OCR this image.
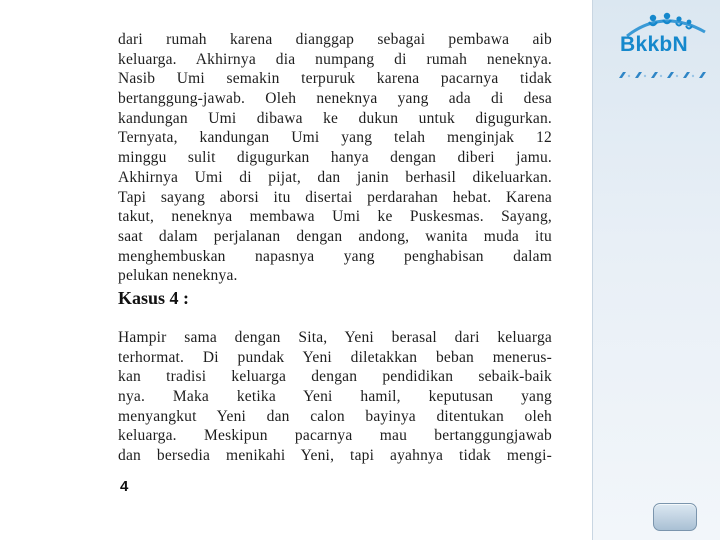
dari rumah karena dianggap sebagai pembawa aib
keluarga. Akhirnya dia numpang di rumah neneknya.
Nasib Umi semakin terpuruk karena pacarnya tidak
bertanggung-jawab. Oleh neneknya yang ada di desa
kandungan Umi dibawa ke dukun untuk digugurkan.
Ternyata, kandungan Umi yang telah menginjak 12
minggu sulit digugurkan hanya dengan diberi jamu.
Akhirnya Umi di pijat, dan janin berhasil dikeluarkan.
Tapi sayang aborsi itu disertai perdarahan hebat. Karena
takut, neneknya membawa Umi ke Puskesmas. Sayang,
saat dalam perjalanan dengan andong, wanita muda itu
menghembuskan napasnya yang penghabisan dalam
pelukan neneknya.
Kasus 4 :
Hampir sama dengan Sita, Yeni berasal dari keluarga
terhormat. Di pundak Yeni diletakkan beban menerus-
kan tradisi keluarga dengan pendidikan sebaik-baik
nya. Maka ketika Yeni hamil, keputusan yang
menyangkut Yeni dan calon bayinya ditentukan oleh
keluarga. Meskipun pacarnya mau bertanggungjawab
dan bersedia menikahi Yeni, tapi ayahnya tidak mengi-
4
BkkbN
